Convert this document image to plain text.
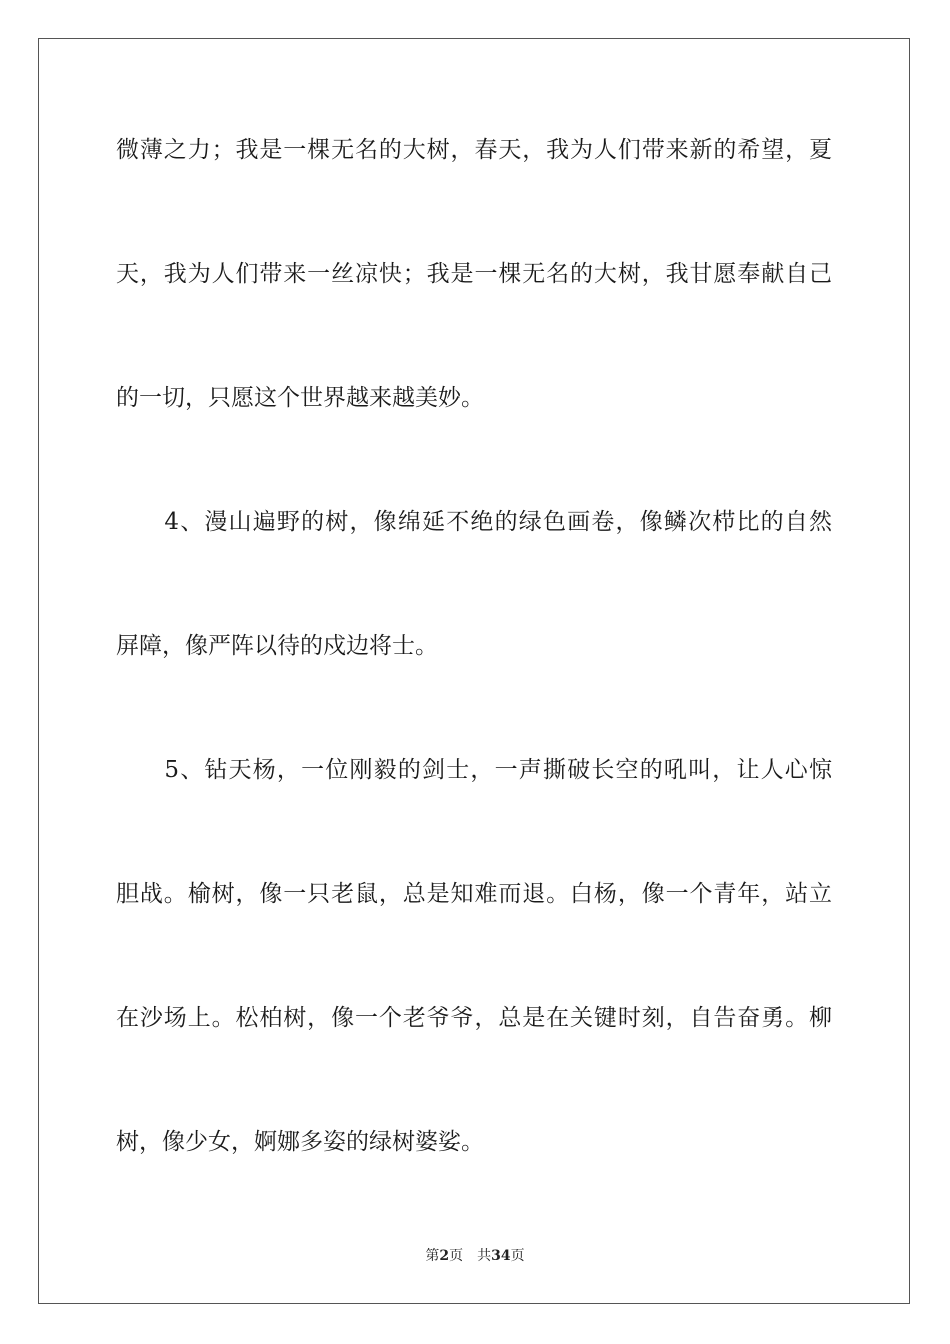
微薄之力；我是一棵无名的大树，春天，我为人们带来新的希望，夏
天，我为人们带来一丝凉快；我是一棵无名的大树，我甘愿奉献自己
的一切，只愿这个世界越来越美妙。
　　4、漫山遍野的树，像绵延不绝的绿色画卷，像鳞次栉比的自然
屏障，像严阵以待的戍边将士。
　　5、钻天杨，一位刚毅的剑士，一声撕破长空的吼叫，让人心惊
胆战。榆树，像一只老鼠，总是知难而退。白杨，像一个青年，站立
在沙场上。松柏树，像一个老爷爷，总是在关键时刻，自告奋勇。柳
树，像少女，婀娜多姿的绿树婆娑。
第2页 共34页
